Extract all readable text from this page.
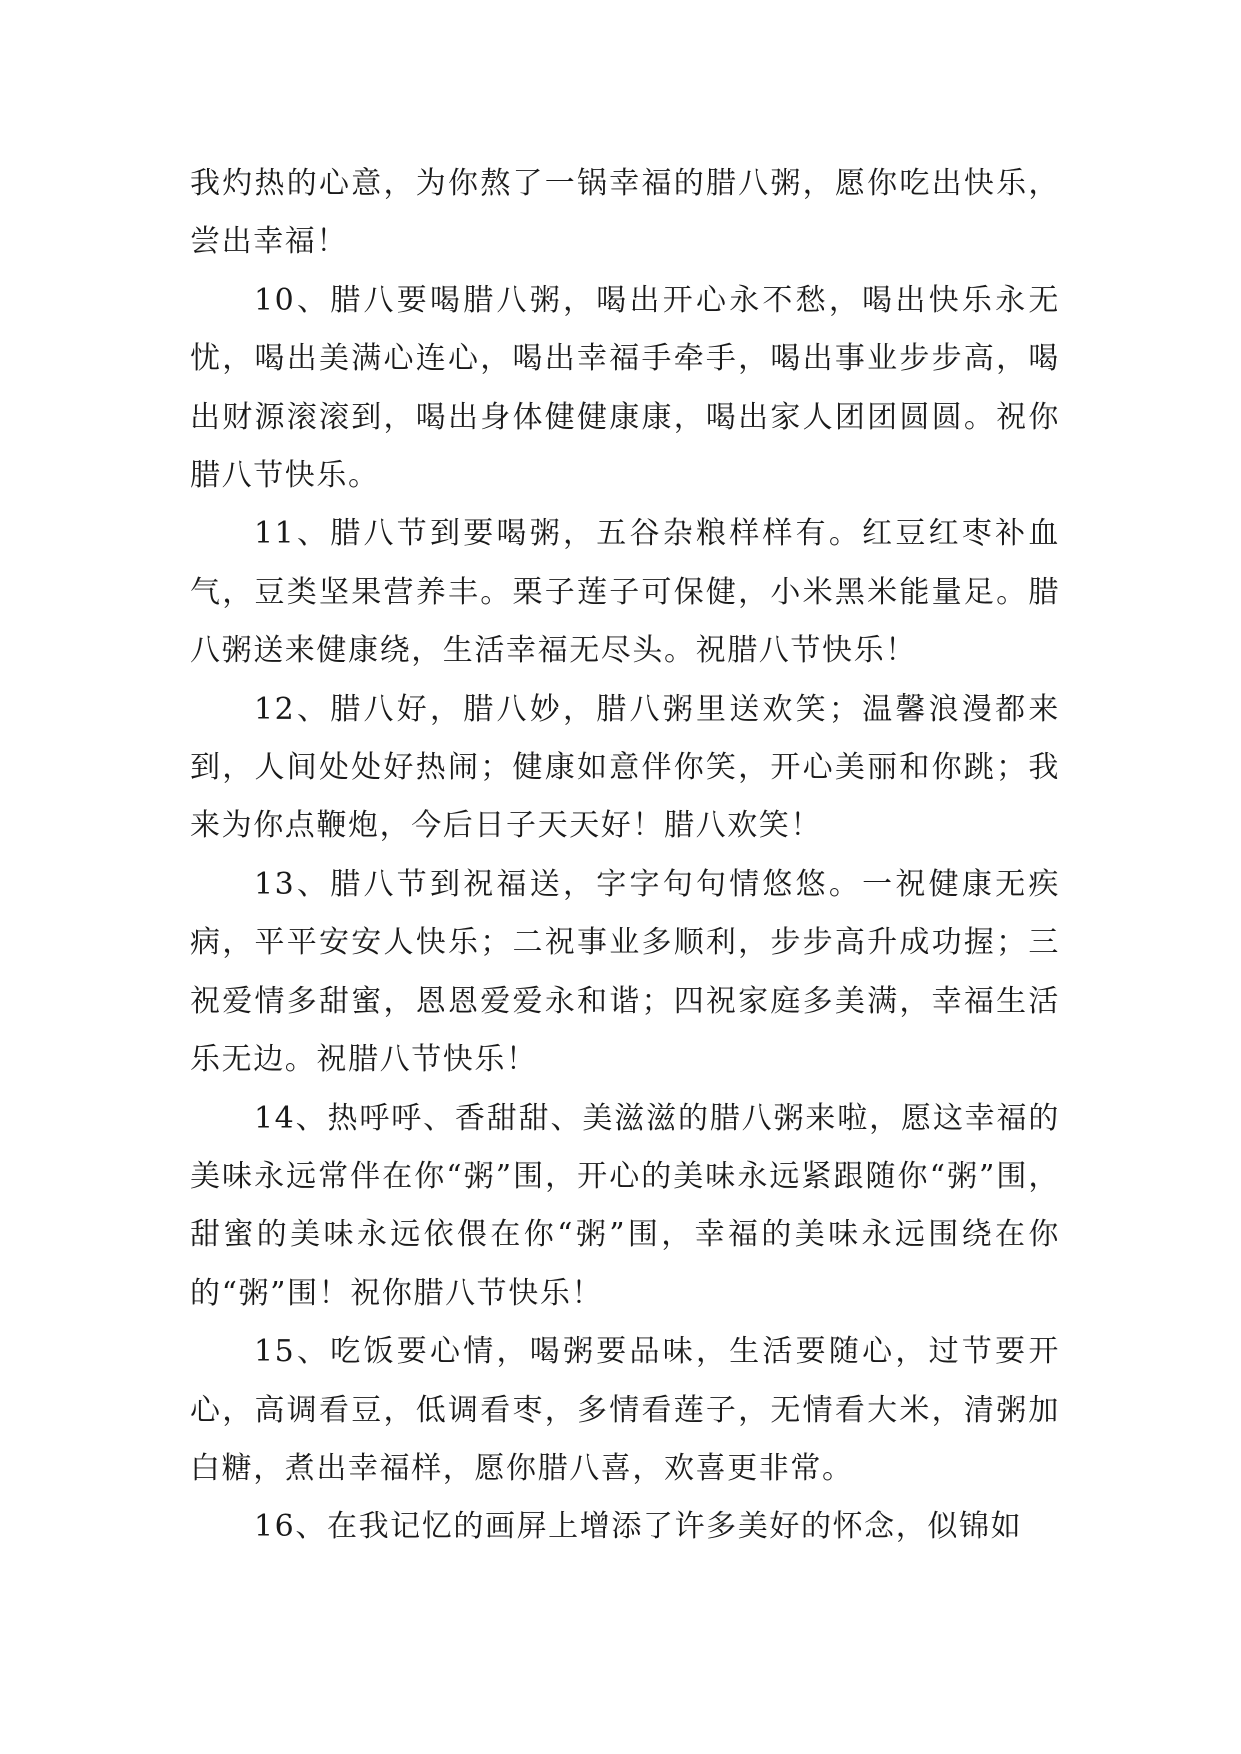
我灼热的心意，为你熬了一锅幸福的腊八粥，愿你吃出快乐，尝出幸福！

10、腊八要喝腊八粥，喝出开心永不愁，喝出快乐永无忧，喝出美满心连心，喝出幸福手牵手，喝出事业步步高，喝出财源滚滚到，喝出身体健健康康，喝出家人团团圆圆。祝你腊八节快乐。

11、腊八节到要喝粥，五谷杂粮样样有。红豆红枣补血气，豆类坚果营养丰。栗子莲子可保健，小米黑米能量足。腊八粥送来健康绕，生活幸福无尽头。祝腊八节快乐！

12、腊八好，腊八妙，腊八粥里送欢笑；温馨浪漫都来到，人间处处好热闹；健康如意伴你笑，开心美丽和你跳；我来为你点鞭炮，今后日子天天好！腊八欢笑！

13、腊八节到祝福送，字字句句情悠悠。一祝健康无疾病，平平安安人快乐；二祝事业多顺利，步步高升成功握；三祝爱情多甜蜜，恩恩爱爱永和谐；四祝家庭多美满，幸福生活乐无边。祝腊八节快乐！

14、热呼呼、香甜甜、美滋滋的腊八粥来啦，愿这幸福的美味永远常伴在你“粥”围，开心的美味永远紧跟随你“粥”围，甜蜜的美味永远依偎在你“粥”围，幸福的美味永远围绕在你的“粥”围！祝你腊八节快乐！

15、吃饭要心情，喝粥要品味，生活要随心，过节要开心，高调看豆，低调看枣，多情看莲子，无情看大米，清粥加白糖，煮出幸福样，愿你腊八喜，欢喜更非常。

16、在我记忆的画屏上增添了许多美好的怀念，似锦如
